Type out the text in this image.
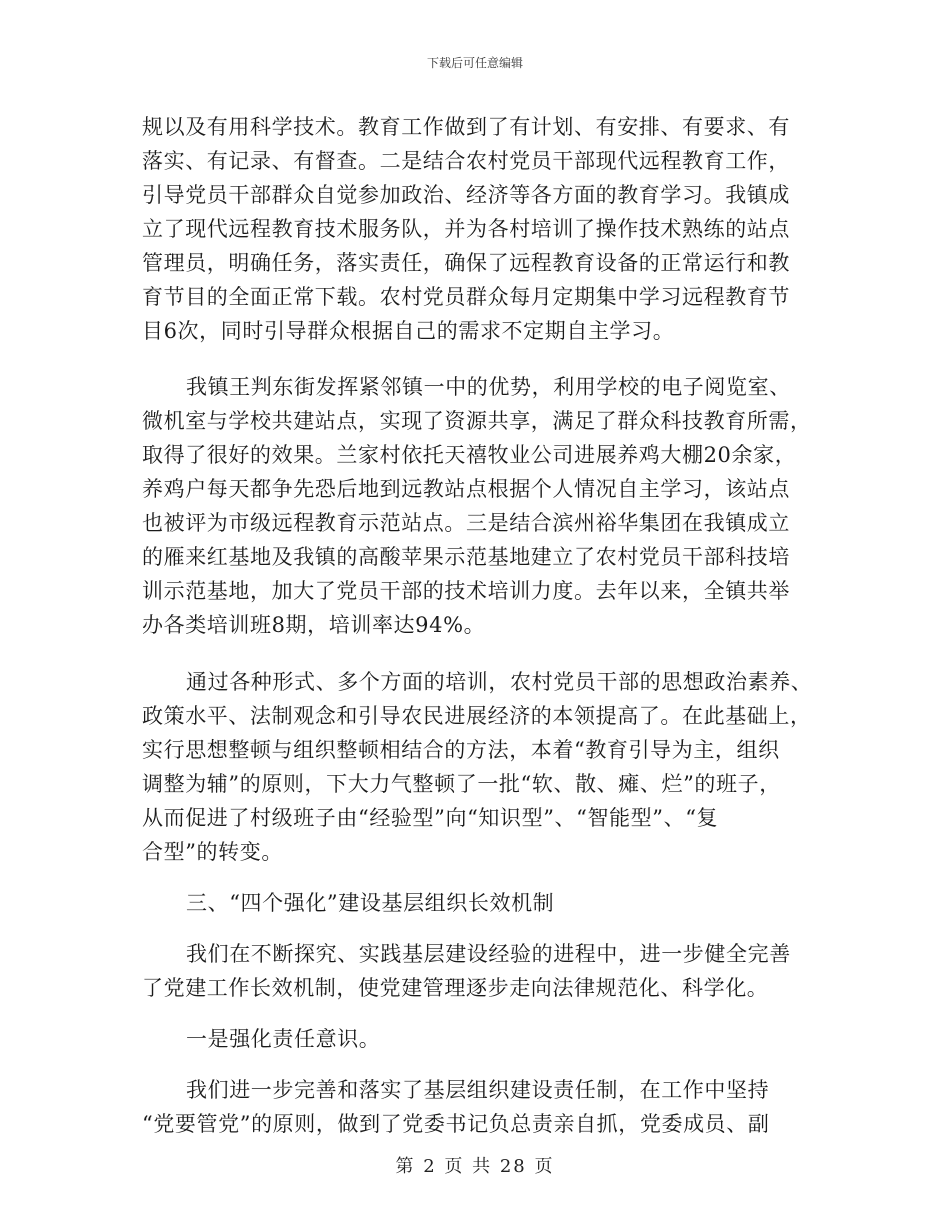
下载后可任意编辑
规以及有用科学技术。教育工作做到了有计划、有安排、有要求、有
落实、有记录、有督查。二是结合农村党员干部现代远程教育工作，
引导党员干部群众自觉参加政治、经济等各方面的教育学习。我镇成
立了现代远程教育技术服务队，并为各村培训了操作技术熟练的站点
管理员，明确任务，落实责任，确保了远程教育设备的正常运行和教
育节目的全面正常下载。农村党员群众每月定期集中学习远程教育节
目6次，同时引导群众根据自己的需求不定期自主学习。
我镇王判东街发挥紧邻镇一中的优势，利用学校的电子阅览室、
微机室与学校共建站点，实现了资源共享，满足了群众科技教育所需，
取得了很好的效果。兰家村依托天禧牧业公司进展养鸡大棚20余家，
养鸡户每天都争先恐后地到远教站点根据个人情况自主学习，该站点
也被评为市级远程教育示范站点。三是结合滨州裕华集团在我镇成立
的雁来红基地及我镇的高酸苹果示范基地建立了农村党员干部科技培
训示范基地，加大了党员干部的技术培训力度。去年以来，全镇共举
办各类培训班8期，培训率达94%。
通过各种形式、多个方面的培训，农村党员干部的思想政治素养、
政策水平、法制观念和引导农民进展经济的本领提高了。在此基础上，
实行思想整顿与组织整顿相结合的方法，本着“教育引导为主，组织
调整为辅”的原则，下大力气整顿了一批“软、散、瘫、烂”的班子，
从而促进了村级班子由“经验型”向“知识型”、“智能型”、“复
合型”的转变。
三、“四个强化”建设基层组织长效机制
我们在不断探究、实践基层建设经验的进程中，进一步健全完善
了党建工作长效机制，使党建管理逐步走向法律规范化、科学化。
一是强化责任意识。
我们进一步完善和落实了基层组织建设责任制，在工作中坚持
“党要管党”的原则，做到了党委书记负总责亲自抓，党委成员、副
第 2 页 共 28 页
